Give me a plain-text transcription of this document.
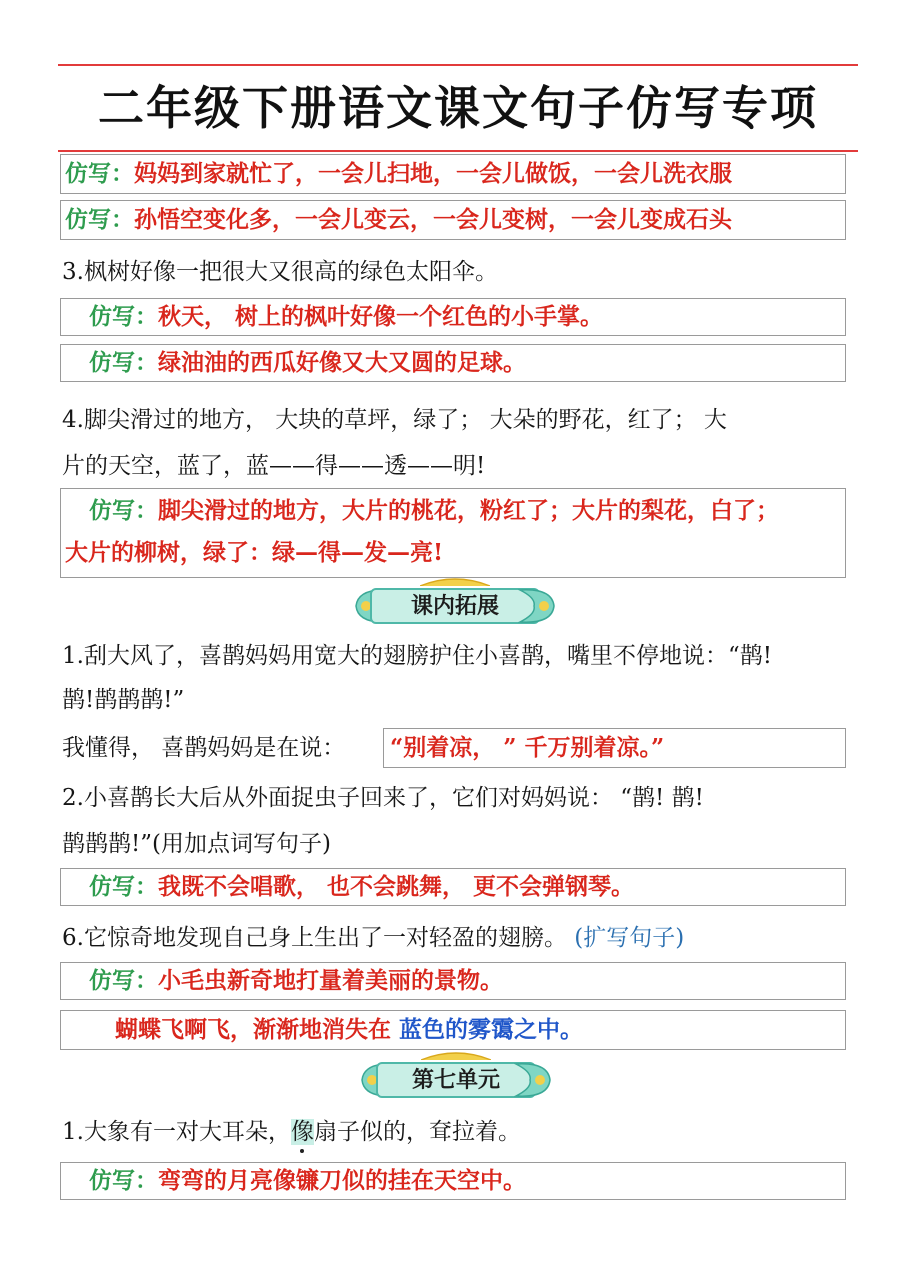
二年级下册语文课文句子仿写专项
仿写：妈妈到家就忙了，一会儿扫地，一会儿做饭，一会儿洗衣服
仿写：孙悟空变化多，一会儿变云，一会儿变树，一会儿变成石头
3.枫树好像一把很大又很高的绿色太阳伞。
仿写：秋天， 树上的枫叶好像一个红色的小手掌。
仿写：绿油油的西瓜好像又大又圆的足球。
4.脚尖滑过的地方， 大块的草坪，绿了； 大朵的野花，红了； 大
片的天空，蓝了，蓝——得——透——明!
仿写：脚尖滑过的地方，大片的桃花，粉红了；大片的梨花，白了；
大片的柳树，绿了：绿—得—发—亮!
课内拓展
1.刮大风了，喜鹊妈妈用宽大的翅膀护住小喜鹊，嘴里不停地说：“鹊!
鹊!鹊鹊鹊!”
我懂得， 喜鹊妈妈是在说：	“别着凉， ” 千万别着凉。”
2.小喜鹊长大后从外面捉虫子回来了，它们对妈妈说： “鹊! 鹊!
鹊鹊鹊!”(用加点词写句子)
仿写：我既不会唱歌， 也不会跳舞， 更不会弹钢琴。
6.它惊奇地发现自己身上生出了一对轻盈的翅膀。 (扩写句子)
仿写：小毛虫新奇地打量着美丽的景物。
蝴蝶飞啊飞，渐渐地消失在 蓝色的雾霭之中。
第七单元
1.大象有一对大耳朵，像
扇子似的，耷拉着。
仿写：弯弯的月亮像镰刀似的挂在天空中。
